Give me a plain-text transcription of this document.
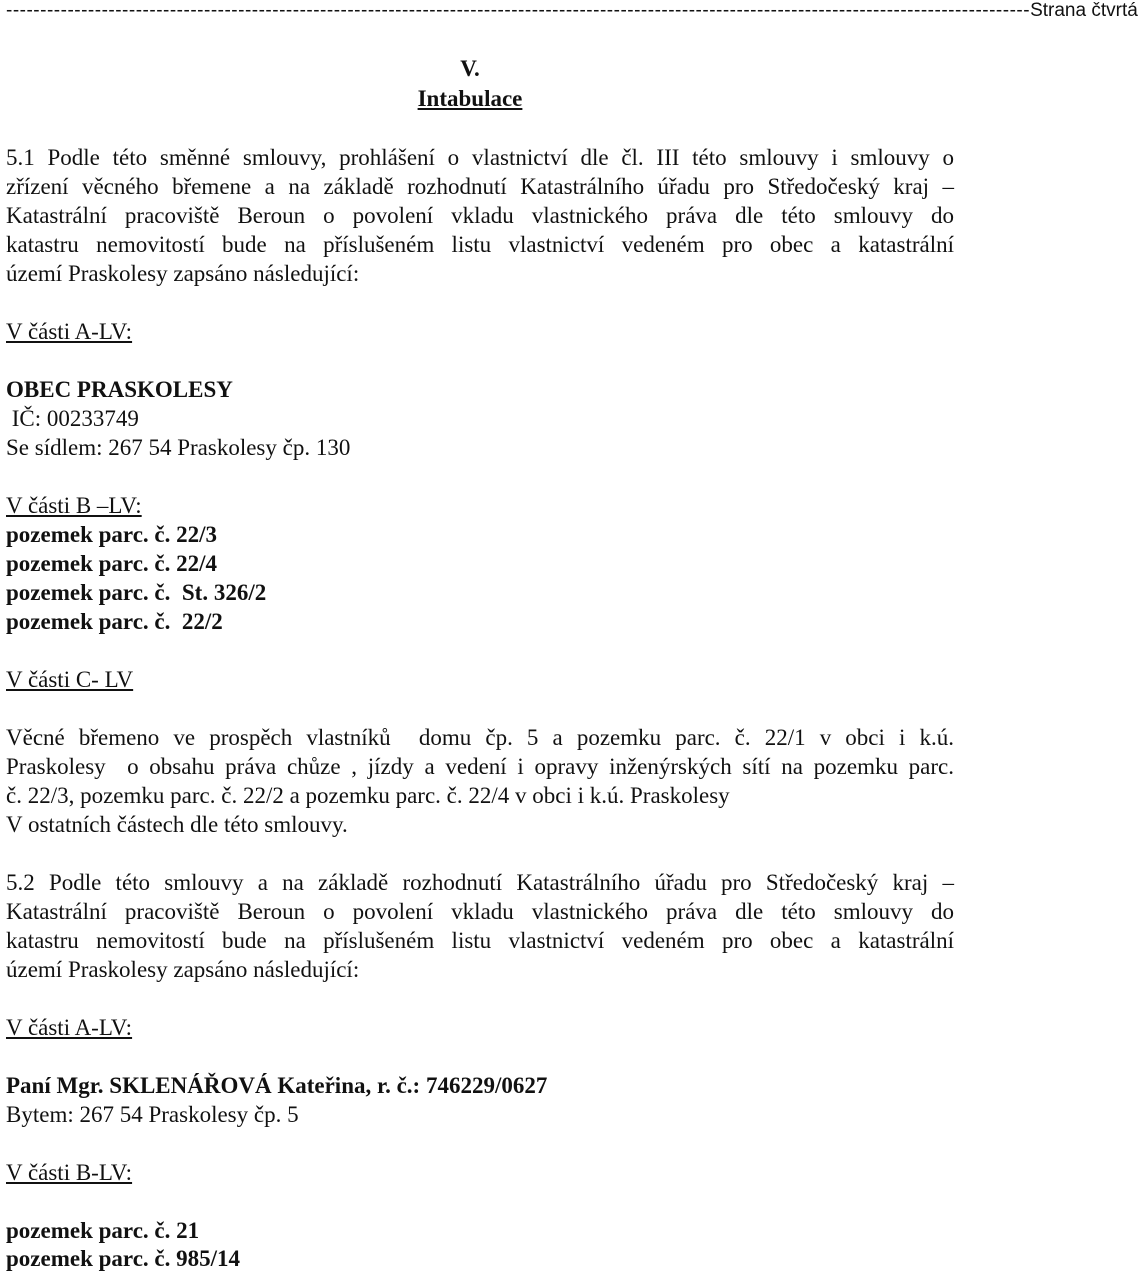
------------------------------------------------------------------------------------------------------------------------------------------------------ Strana čtvrtá
V.
Intabulace
5.1 Podle této směnné smlouvy, prohlášení o vlastnictví dle čl. III této smlouvy i smlouvy o
zřízení věcného břemene a na základě rozhodnutí Katastrálního úřadu pro Středočeský kraj –
Katastrální pracoviště Beroun o povolení vkladu vlastnického práva dle této smlouvy do
katastru nemovitostí bude na příslušeném listu vlastnictví vedeném pro obec a katastrální
území Praskolesy zapsáno následující:
V části A-LV:
OBEC PRASKOLESY
IČ: 00233749
Se sídlem: 267 54 Praskolesy čp. 130
V části B –LV:
pozemek parc. č. 22/3
pozemek parc. č. 22/4
pozemek parc. č.  St. 326/2
pozemek parc. č.  22/2
V části C- LV
Věcné břemeno ve prospěch vlastníků  domu čp. 5 a pozemku parc. č. 22/1 v obci i k.ú.
Praskolesy  o obsahu práva chůze , jízdy a vedení i opravy inženýrských sítí na pozemku parc.
č. 22/3, pozemku parc. č. 22/2 a pozemku parc. č. 22/4 v obci i k.ú. Praskolesy
V ostatních částech dle této smlouvy.
5.2 Podle této smlouvy a na základě rozhodnutí Katastrálního úřadu pro Středočeský kraj –
Katastrální pracoviště Beroun o povolení vkladu vlastnického práva dle této smlouvy do
katastru nemovitostí bude na příslušeném listu vlastnictví vedeném pro obec a katastrální
území Praskolesy zapsáno následující:
V části A-LV:
Paní Mgr. SKLENÁŘOVÁ Kateřina, r. č.: 746229/0627
Bytem: 267 54 Praskolesy čp. 5
V části B-LV:
pozemek parc. č. 21
pozemek parc. č. 985/14
